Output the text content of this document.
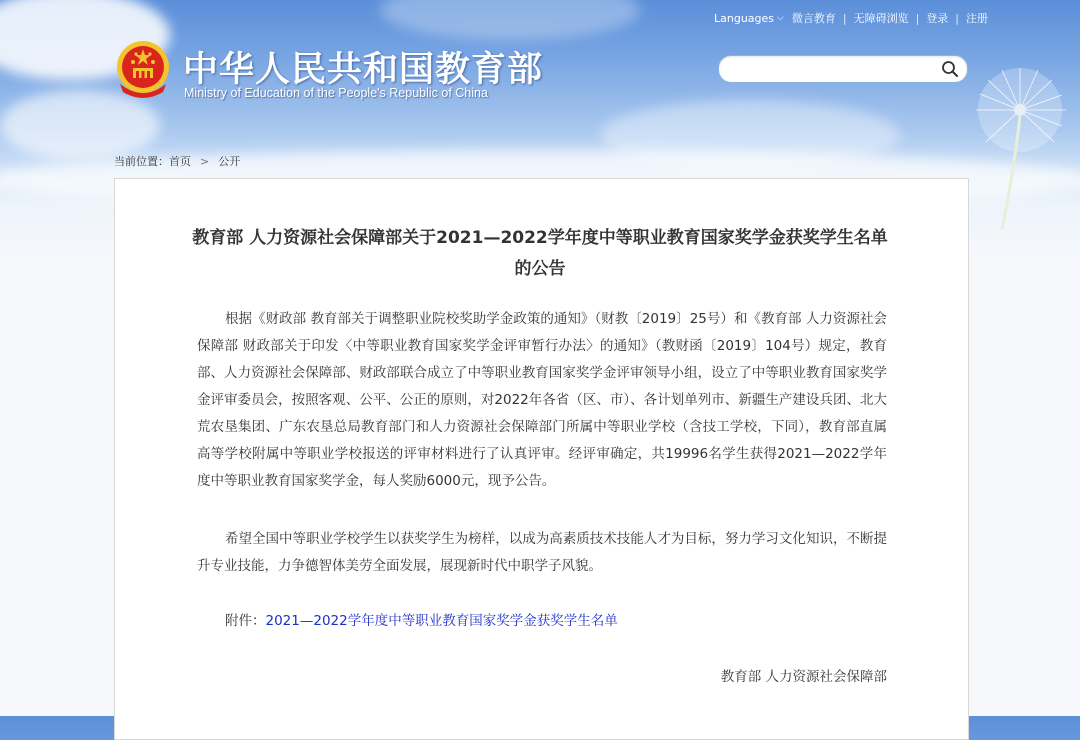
Languages ⌵ 微言教育 | 无障碍浏览 | 登录 | 注册
中华人民共和国教育部
Ministry of Education of the People's Republic of China
当前位置： 首页 > 公开
教育部 人力资源社会保障部关于2021—2022学年度中等职业教育国家奖学金获奖学生名单的公告
根据《财政部 教育部关于调整职业院校奖助学金政策的通知》（财教〔2019〕25号）和《教育部 人力资源社会保障部 财政部关于印发〈中等职业教育国家奖学金评审暂行办法〉的通知》（教财函〔2019〕104号）规定，教育部、人力资源社会保障部、财政部联合成立了中等职业教育国家奖学金评审领导小组，设立了中等职业教育国家奖学金评审委员会，按照客观、公平、公正的原则，对2022年各省（区、市）、各计划单列市、新疆生产建设兵团、北大荒农垦集团、广东农垦总局教育部门和人力资源社会保障部门所属中等职业学校（含技工学校，下同），教育部直属高等学校附属中等职业学校报送的评审材料进行了认真评审。经评审确定，共19996名学生获得2021—2022学年度中等职业教育国家奖学金，每人奖励6000元，现予公告。
希望全国中等职业学校学生以获奖学生为榜样，以成为高素质技术技能人才为目标，努力学习文化知识，不断提升专业技能，力争德智体美劳全面发展，展现新时代中职学子风貌。
附件：2021—2022学年度中等职业教育国家奖学金获奖学生名单
教育部 人力资源社会保障部
